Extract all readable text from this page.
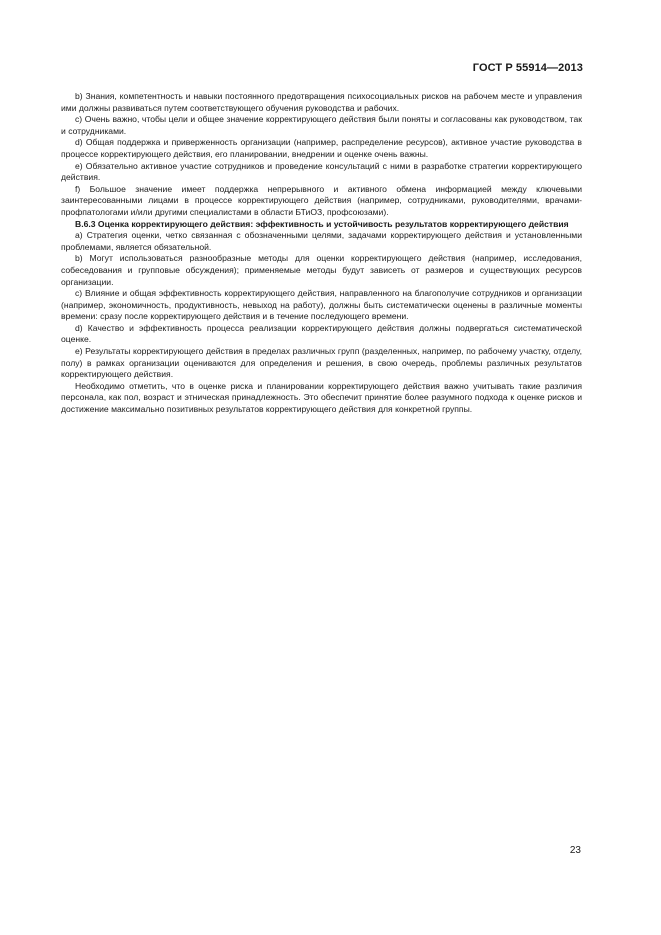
ГОСТ Р 55914—2013

b) Знания, компетентность и навыки постоянного предотвращения психосоциальных рисков на рабочем месте и управления ими должны развиваться путем соответствующего обучения руководства и рабочих.

c) Очень важно, чтобы цели и общее значение корректирующего действия были поняты и согласованы как руководством, так и сотрудниками.

d) Общая поддержка и приверженность организации (например, распределение ресурсов), активное участие руководства в процессе корректирующего действия, его планировании, внедрении и оценке очень важны.

e) Обязательно активное участие сотрудников и проведение консультаций с ними в разработке стратегии корректирующего действия.

f) Большое значение имеет поддержка непрерывного и активного обмена информацией между ключевыми заинтересованными лицами в процессе корректирующего действия (например, сотрудниками, руководителями, врачами-профпатологами и/или другими специалистами в области БТиОЗ, профсоюзами).

В.6.3 Оценка корректирующего действия: эффективность и устойчивость результатов корректирующего действия

a) Стратегия оценки, четко связанная с обозначенными целями, задачами корректирующего действия и установленными проблемами, является обязательной.

b) Могут использоваться разнообразные методы для оценки корректирующего действия (например, исследования, собеседования и групповые обсуждения); применяемые методы будут зависеть от размеров и существующих ресурсов организации.

c) Влияние и общая эффективность корректирующего действия, направленного на благополучие сотрудников и организации (например, экономичность, продуктивность, невыход на работу), должны быть систематически оценены в различные моменты времени: сразу после корректирующего действия и в течение последующего времени.

d) Качество и эффективность процесса реализации корректирующего действия должны подвергаться систематической оценке.

e) Результаты корректирующего действия в пределах различных групп (разделенных, например, по рабочему участку, отделу, полу) в рамках организации оцениваются для определения и решения, в свою очередь, проблемы различных результатов корректирующего действия.

Необходимо отметить, что в оценке риска и планировании корректирующего действия важно учитывать такие различия персонала, как пол, возраст и этническая принадлежность. Это обеспечит принятие более разумного подхода к оценке рисков и достижение максимально позитивных результатов корректирующего действия для конкретной группы.

23
